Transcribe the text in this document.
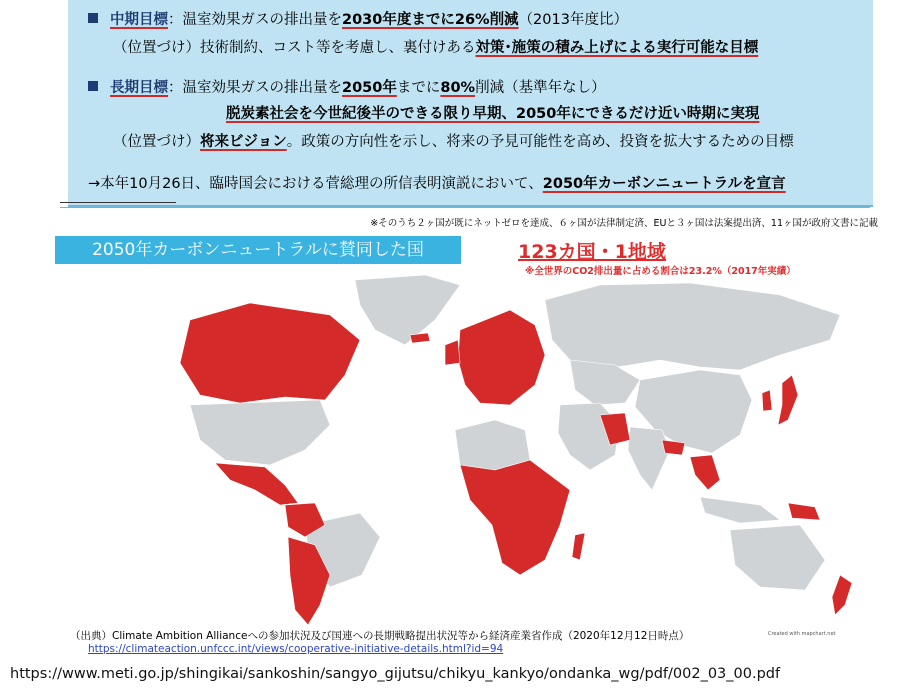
中期目標：温室効果ガスの排出量を2030年度までに26%削減（2013年度比）
（位置づけ）技術制約、コスト等を考慮し、裏付けある対策･施策の積み上げによる実行可能な目標
長期目標：温室効果ガスの排出量を2050年までに80%削減（基準年なし）
脱炭素社会を今世紀後半のできる限り早期、2050年にできるだけ近い時期に実現
（位置づけ）将来ビジョン。政策の方向性を示し、将来の予見可能性を高め、投資を拡大するための目標
→本年10月26日、臨時国会における菅総理の所信表明演説において、2050年カーボンニュートラルを宣言
※そのうち２ヶ国が既にネットゼロを達成、６ヶ国が法律制定済、EUと３ヶ国は法案提出済、11ヶ国が政府文書に記載
2050年カーボンニュートラルに賛同した国	123カ国・1地域
※全世界のCO2排出量に占める割合は23.2%（2017年実績）
Created with mapchart.net
（出典）Climate Ambition Allianceへの参加状況及び国連への長期戦略提出状況等から経済産業省作成（2020年12月12日時点）
https://climateaction.unfccc.int/views/cooperative-initiative-details.html?id=94
https://www.meti.go.jp/shingikai/sankoshin/sangyo_gijutsu/chikyu_kankyo/ondanka_wg/pdf/002_03_00.pdf
